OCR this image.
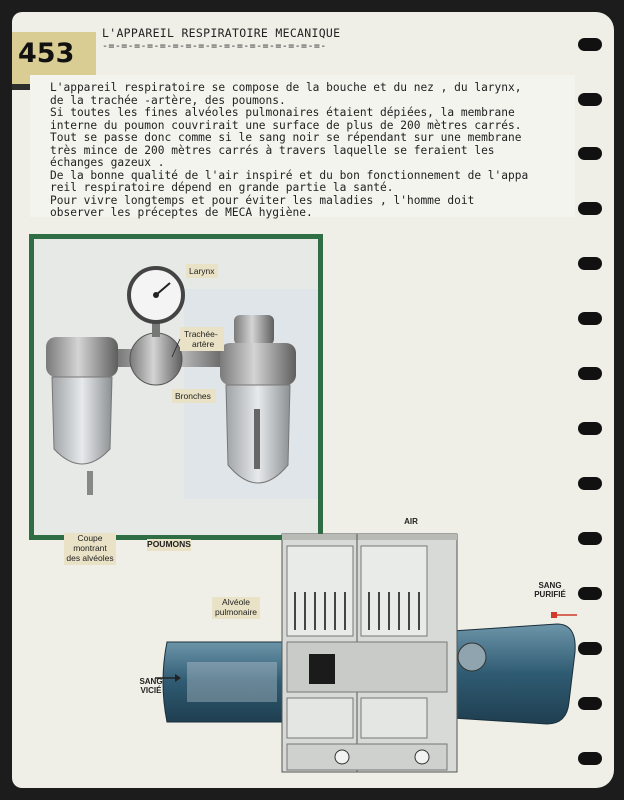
453
L'APPAREIL RESPIRATOIRE MECANIQUE
-=-=-=-=-=-=-=-=-=-=-=-=-=-=-=-=-=-
L'appareil respiratoire se compose de la bouche et du nez , du larynx,
de la trachée -artère, des poumons.
Si toutes les fines alvéoles pulmonaires étaient dépiées, la membrane
interne du poumon couvrirait une surface de plus de 200 mètres carrés.
Tout se passe donc comme si le sang noir se répendant sur une membrane
très mince de 200 mètres carrés à travers laquelle se feraient les
échanges gazeux .
De la bonne qualité de l'air inspiré et du bon fonctionnement de l'appa
reil respiratoire dépend en grande partie la santé.
Pour vivre longtemps et pour éviter les maladies , l'homme doit
observer les préceptes de MECA hygiène.
Larynx
Trachée-
artère
Bronches
Coupe
montrant
des alvéoles
POUMONS
AIR
Alvéole
pulmonaire
SANG
PURIFIÉ
SANG
VICIÉ
